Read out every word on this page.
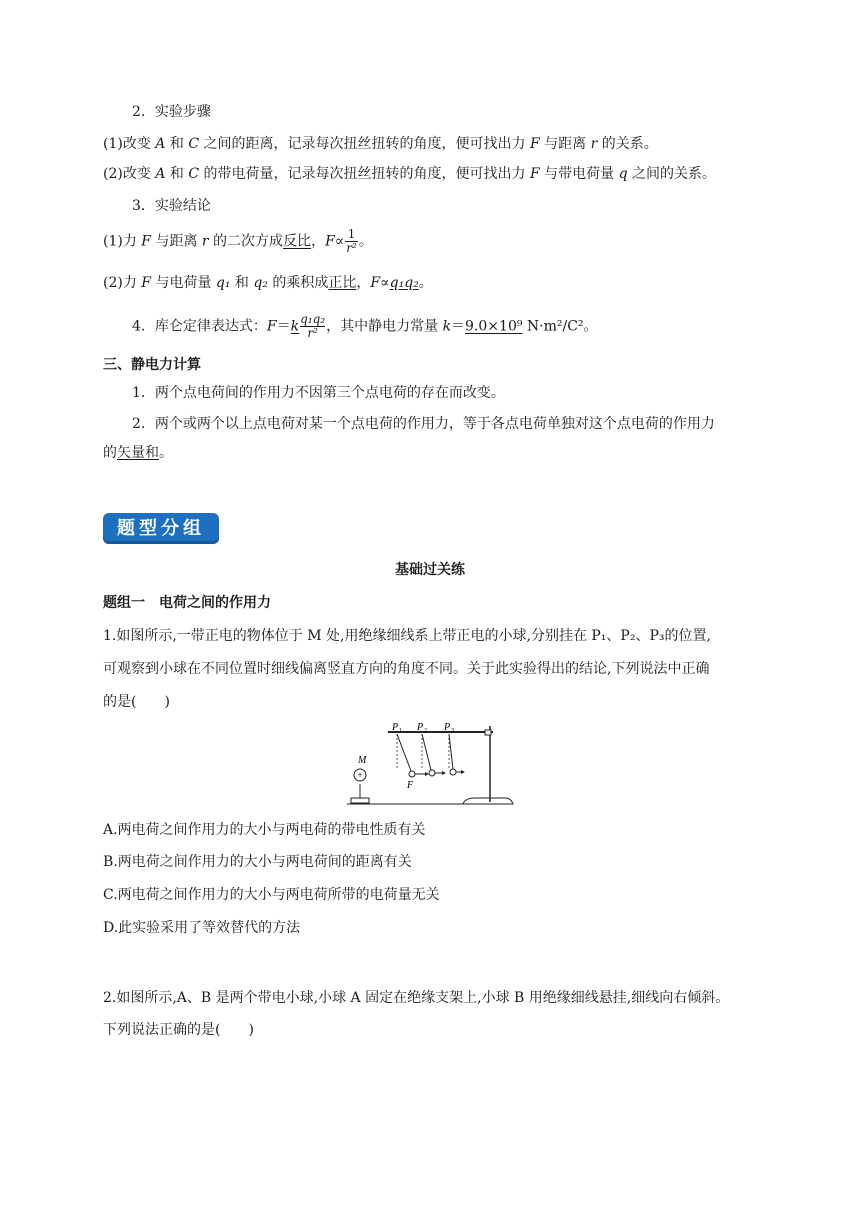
2．实验步骤
(1)改变 A 和 C 之间的距离，记录每次扭丝扭转的角度，便可找出力 F 与距离 r 的关系。
(2)改变 A 和 C 的带电荷量，记录每次扭丝扭转的角度，便可找出力 F 与带电荷量 q 之间的关系。
3．实验结论
(1)力 F 与距离 r 的二次方成反比，$F\propto \frac{1}{\text{r²}}$ 。
(2)力 F 与电荷量 q₁ 和 q₂ 的乘积成正比，F∝q₁q₂。
4．库仑定律表达式：$F=k \frac{\text{q₁q₂}}{\text{r²}}$ ，其中静电力常量 k＝9.0×10⁹ N·m²/C²。
三、静电力计算
1．两个点电荷间的作用力不因第三个点电荷的存在而改变。
2．两个或两个以上点电荷对某一个点电荷的作用力，等于各点电荷单独对这个点电荷的作用力
的矢量和。
题型分组
基础过关练
题组一　电荷之间的作用力
1.如图所示,一带正电的物体位于 M 处,用绝缘细线系上带正电的小球,分别挂在 P₁、P₂、P₃的位置,
可观察到小球在不同位置时细线偏离竖直方向的角度不同。关于此实验得出的结论,下列说法中正确
的是(　　)
+
M
P 1 P 2 P 3
F
A.两电荷之间作用力的大小与两电荷的带电性质有关
B.两电荷之间作用力的大小与两电荷间的距离有关
C.两电荷之间作用力的大小与两电荷所带的电荷量无关
D.此实验采用了等效替代的方法
2.如图所示,A、B 是两个带电小球,小球 A 固定在绝缘支架上,小球 B 用绝缘细线悬挂,细线向右倾斜。
下列说法正确的是(　　)
